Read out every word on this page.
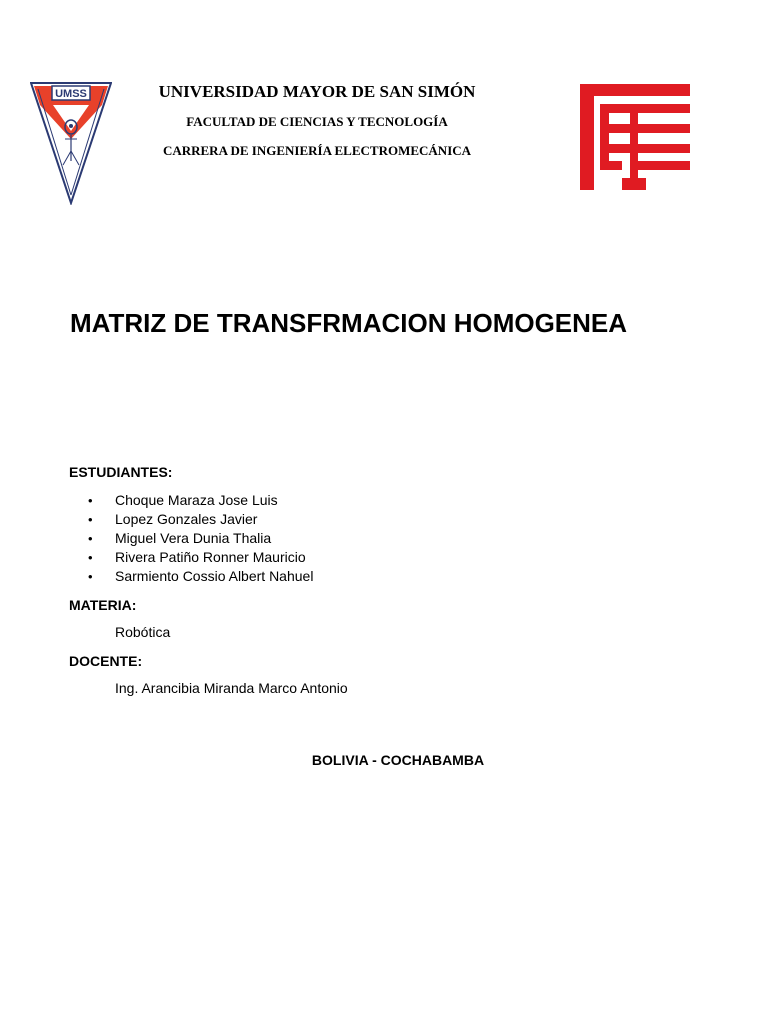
UMSS	UNIVERSIDAD MAYOR DE SAN SIMÓN
FACULTAD DE CIENCIAS Y TECNOLOGÍA
CARRERA DE INGENIERÍA ELECTROMECÁNICA
MATRIZ DE TRANSFRMACION HOMOGENEA
ESTUDIANTES:
• Choque Maraza Jose Luis
• Lopez Gonzales Javier
• Miguel Vera Dunia Thalia
• Rivera Patiño Ronner Mauricio
• Sarmiento Cossio Albert Nahuel
MATERIA:
Robótica
DOCENTE:
Ing. Arancibia Miranda Marco Antonio
BOLIVIA - COCHABAMBA
